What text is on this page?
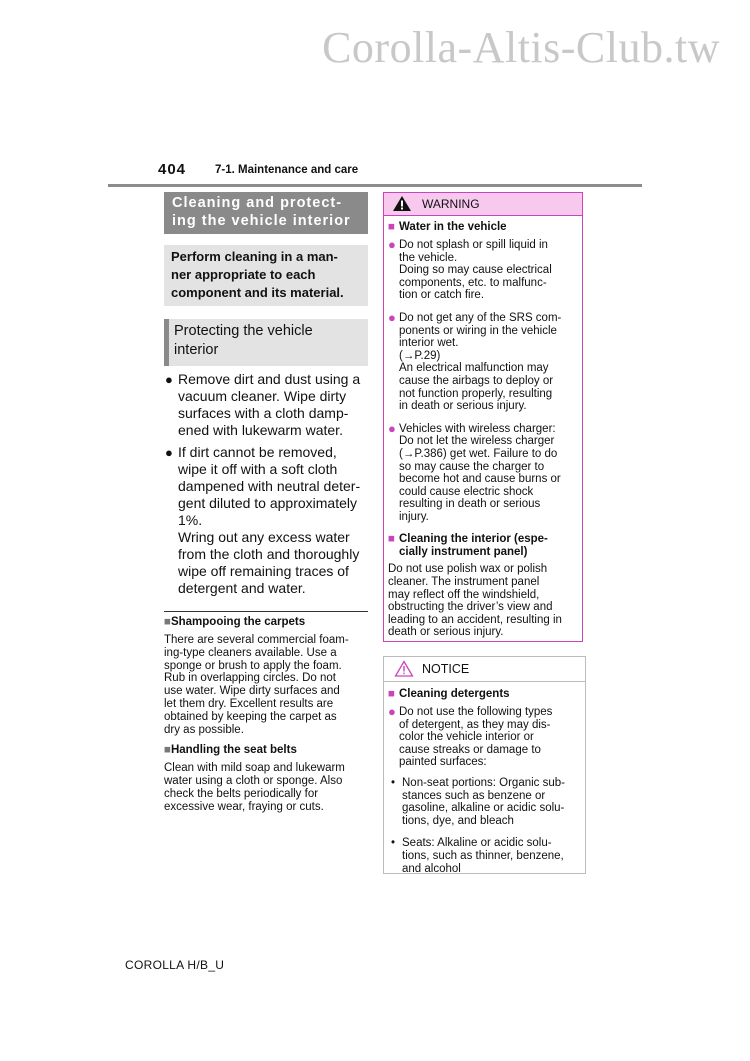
Corolla-Altis-Club.tw
404	7-1. Maintenance and care
Cleaning and protect-
ing the vehicle interior
Perform cleaning in a man-
ner appropriate to each
component and its material.
Protecting the vehicle
interior
● Remove dirt and dust using a
vacuum cleaner. Wipe dirty
surfaces with a cloth damp-
ened with lukewarm water.
● If dirt cannot be removed,
wipe it off with a soft cloth
dampened with neutral deter-
gent diluted to approximately
1%.
Wring out any excess water
from the cloth and thoroughly
wipe off remaining traces of
detergent and water.
■Shampooing the carpets
There are several commercial foam-
ing-type cleaners available. Use a
sponge or brush to apply the foam.
Rub in overlapping circles. Do not
use water. Wipe dirty surfaces and
let them dry. Excellent results are
obtained by keeping the carpet as
dry as possible.
■Handling the seat belts
Clean with mild soap and lukewarm
water using a cloth or sponge. Also
check the belts periodically for
excessive wear, fraying or cuts.
WARNING
■ Water in the vehicle
● Do not splash or spill liquid in
the vehicle.
Doing so may cause electrical
components, etc. to malfunc-
tion or catch fire.
● Do not get any of the SRS com-
ponents or wiring in the vehicle
interior wet.
(→P.29)
An electrical malfunction may
cause the airbags to deploy or
not function properly, resulting
in death or serious injury.
● Vehicles with wireless charger:
Do not let the wireless charger
(→P.386) get wet. Failure to do
so may cause the charger to
become hot and cause burns or
could cause electric shock
resulting in death or serious
injury.
■ Cleaning the interior (espe-
cially instrument panel)
Do not use polish wax or polish
cleaner. The instrument panel
may reflect off the windshield,
obstructing the driver’s view and
leading to an accident, resulting in
death or serious injury.
NOTICE
■ Cleaning detergents
● Do not use the following types
of detergent, as they may dis-
color the vehicle interior or
cause streaks or damage to
painted surfaces:
• Non-seat portions: Organic sub-
stances such as benzene or
gasoline, alkaline or acidic solu-
tions, dye, and bleach
• Seats: Alkaline or acidic solu-
tions, such as thinner, benzene,
and alcohol
COROLLA H/B_U
